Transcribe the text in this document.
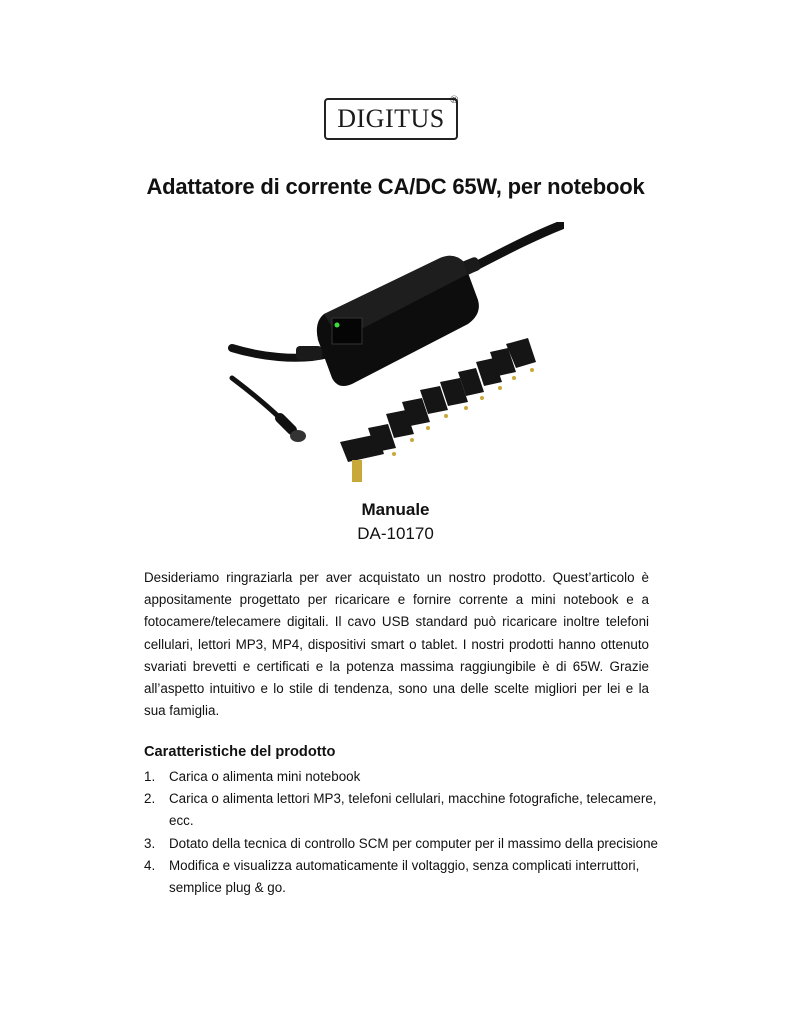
DIGITUS
®
Adattatore di corrente CA/DC 65W, per notebook
Manuale
DA-10170

Desideriamo ringraziarla per aver acquistato un nostro prodotto. Quest’articolo è appositamente progettato per ricaricare e fornire corrente a mini notebook e a fotocamere/telecamere digitali. Il cavo USB standard può ricaricare inoltre telefoni cellulari, lettori MP3, MP4, dispositivi smart o tablet. I nostri prodotti hanno ottenuto svariati brevetti e certificati e la potenza massima raggiungibile è di 65W. Grazie all’aspetto intuitivo e lo stile di tendenza, sono una delle scelte migliori per lei e la sua famiglia.

Caratteristiche del prodotto
1. Carica o alimenta mini notebook
2. Carica o alimenta lettori MP3, telefoni cellulari, macchine fotografiche, telecamere, ecc.
3. Dotato della tecnica di controllo SCM per computer per il massimo della precisione
4. Modifica e visualizza automaticamente il voltaggio, senza complicati interruttori, semplice plug & go.
